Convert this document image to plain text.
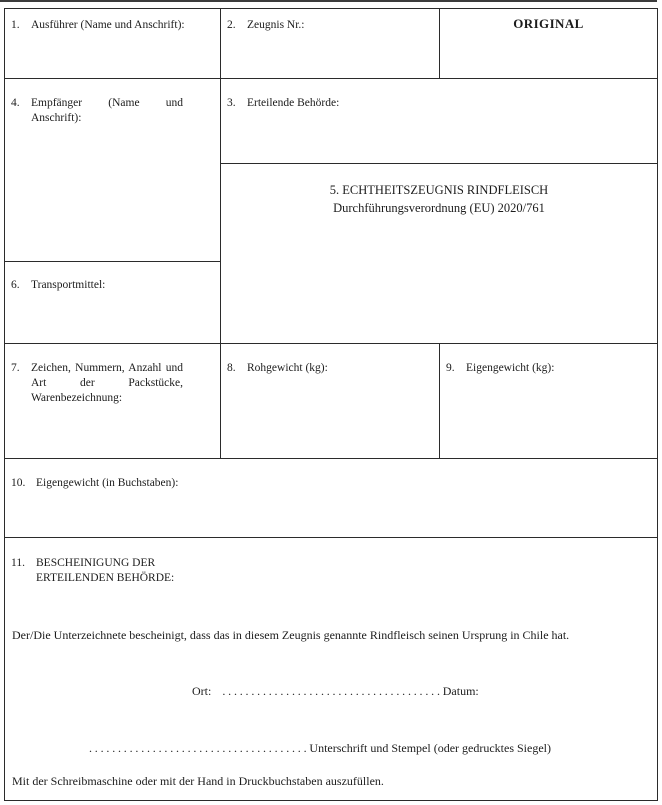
1. Ausführer (Name und Anschrift):	2. Zeugnis Nr.:	ORIGINAL
4. Empfänger (Name und Anschrift):
6. Transportmittel:
3. Erteilende Behörde:
5. ECHTHEITSZEUGNIS RINDFLEISCH
Durchführungsverordnung (EU) 2020/761
7. Zeichen, Nummern, Anzahl und Art der Packstücke, Warenbezeichnung:
8. Rohgewicht (kg):	9. Eigengewicht (kg):
10. Eigengewicht (in Buchstaben):
11. BESCHEINIGUNG DER ERTEILENDEN BEHÖRDE:
Der/Die Unterzeichnete bescheinigt, dass das in diesem Zeugnis genannte Rindfleisch seinen Ursprung in Chile hat.
Ort: ......................................Datum:
......................................Unterschrift und Stempel (oder gedrucktes Siegel)
Mit der Schreibmaschine oder mit der Hand in Druckbuchstaben auszufüllen.
